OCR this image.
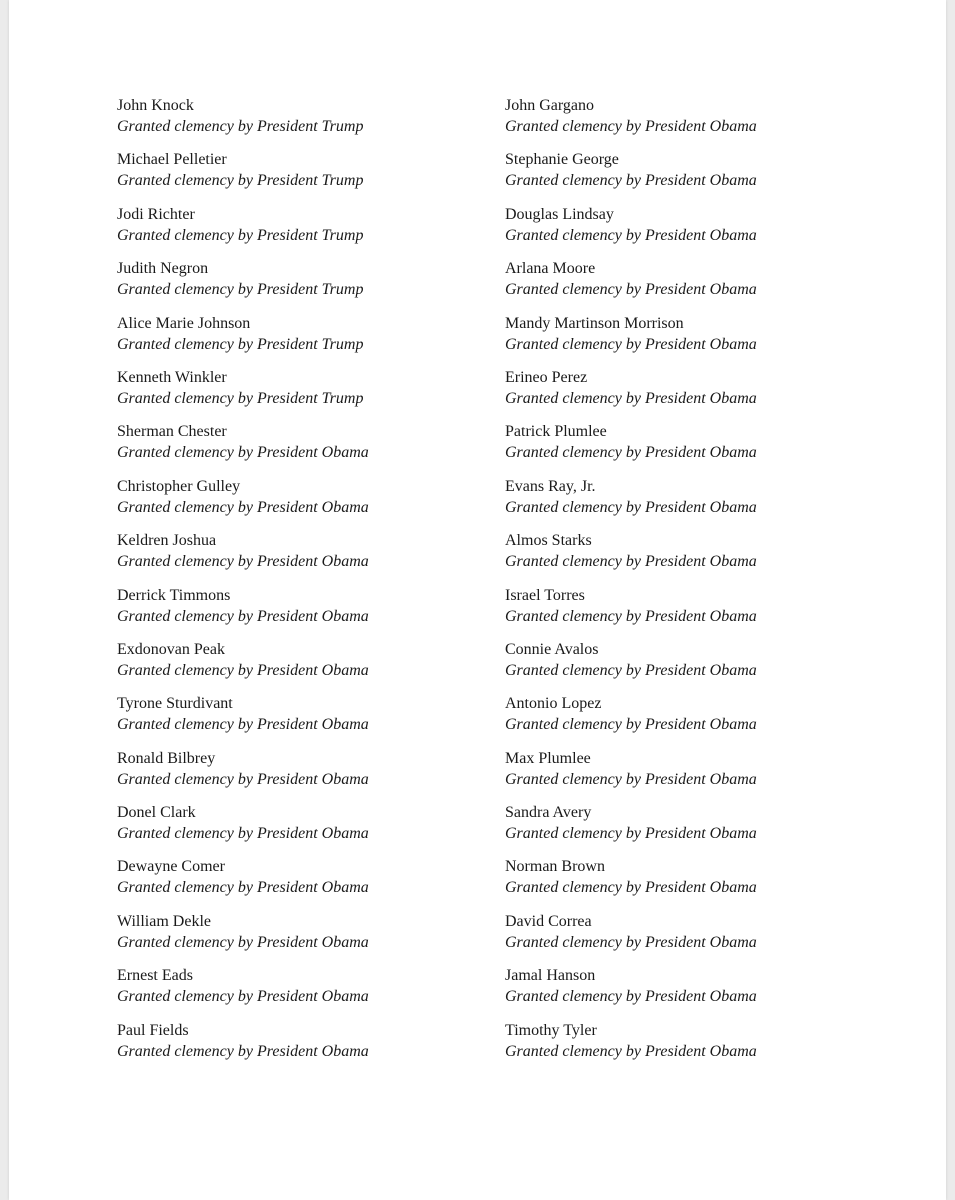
John Knock
Granted clemency by President Trump
Michael Pelletier
Granted clemency by President Trump
Jodi Richter
Granted clemency by President Trump
Judith Negron
Granted clemency by President Trump
Alice Marie Johnson
Granted clemency by President Trump
Kenneth Winkler
Granted clemency by President Trump
Sherman Chester
Granted clemency by President Obama
Christopher Gulley
Granted clemency by President Obama
Keldren Joshua
Granted clemency by President Obama
Derrick Timmons
Granted clemency by President Obama
Exdonovan Peak
Granted clemency by President Obama
Tyrone Sturdivant
Granted clemency by President Obama
Ronald Bilbrey
Granted clemency by President Obama
Donel Clark
Granted clemency by President Obama
Dewayne Comer
Granted clemency by President Obama
William Dekle
Granted clemency by President Obama
Ernest Eads
Granted clemency by President Obama
Paul Fields
Granted clemency by President Obama
John Gargano
Granted clemency by President Obama
Stephanie George
Granted clemency by President Obama
Douglas Lindsay
Granted clemency by President Obama
Arlana Moore
Granted clemency by President Obama
Mandy Martinson Morrison
Granted clemency by President Obama
Erineo Perez
Granted clemency by President Obama
Patrick Plumlee
Granted clemency by President Obama
Evans Ray, Jr.
Granted clemency by President Obama
Almos Starks
Granted clemency by President Obama
Israel Torres
Granted clemency by President Obama
Connie Avalos
Granted clemency by President Obama
Antonio Lopez
Granted clemency by President Obama
Max Plumlee
Granted clemency by President Obama
Sandra Avery
Granted clemency by President Obama
Norman Brown
Granted clemency by President Obama
David Correa
Granted clemency by President Obama
Jamal Hanson
Granted clemency by President Obama
Timothy Tyler
Granted clemency by President Obama
